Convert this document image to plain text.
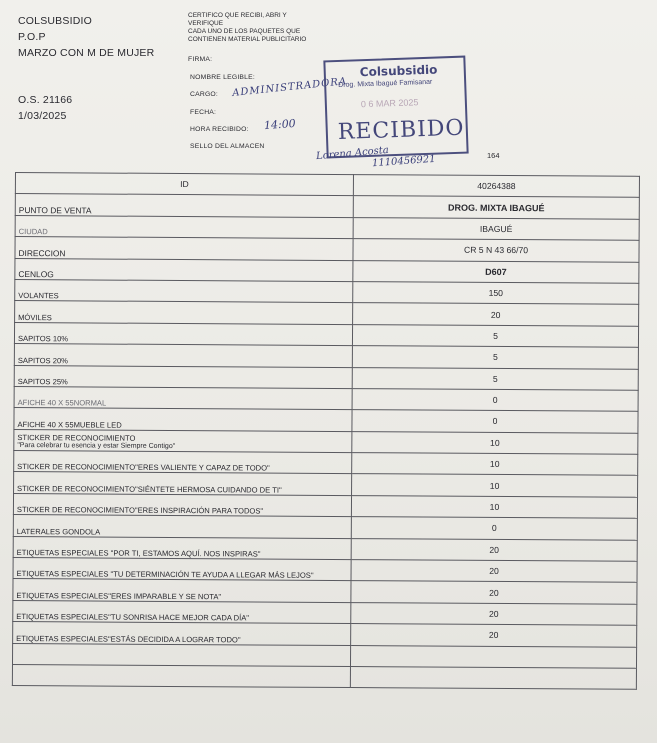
COLSUBSIDIO
P.O.P
MARZO CON M DE MUJER
O.S. 21166
1/03/2025
CERTIFICO QUE RECIBI, ABRI Y
VERIFIQUE
CADA UNO DE LOS PAQUETES QUE
CONTIENEN MATERIAL PUBLICITARIO
FIRMA:
NOMBRE LEGIBLE:
CARGO:
FECHA:
HORA RECIBIDO:
SELLO DEL ALMACEN
ADMINISTRADORA
14:00
Colsubsidio
Drog. Mixta Ibagué Famisanar
0 6 MAR 2025
RECIBIDO
Lorena Acosta
1110456921	164
ID	40264388
PUNTO DE VENTA	DROG. MIXTA IBAGUÉ
CIUDAD	IBAGUÉ
DIRECCION	CR 5 N 43 66/70
CENLOG	D607
VOLANTES	150
MÓVILES	20
SAPITOS 10%	5
SAPITOS 20%	5
SAPITOS 25%	5
AFICHE 40 X 55NORMAL	0
AFICHE 40 X 55MUEBLE LED	0

STICKER DE RECONOCIMIENTO
"Para celebrar tu esencia y estar Siempre Contigo"	10
STICKER DE RECONOCIMIENTO"ERES VALIENTE Y CAPAZ DE TODO"	10
STICKER DE RECONOCIMIENTO"SIÉNTETE HERMOSA CUIDANDO DE TI"	10
STICKER DE RECONOCIMIENTO"ERES INSPIRACIÓN PARA TODOS"	10
LATERALES GONDOLA	0
ETIQUETAS ESPECIALES "POR TI, ESTAMOS AQUÍ. NOS INSPIRAS"	20
ETIQUETAS ESPECIALES "TU DETERMINACIÓN TE AYUDA A LLEGAR MÁS LEJOS"	20
ETIQUETAS ESPECIALES"ERES IMPARABLE Y SE NOTA"	20
ETIQUETAS ESPECIALES"TU SONRISA HACE MEJOR CADA DÍA"	20
ETIQUETAS ESPECIALES"ESTÁS DECIDIDA A LOGRAR TODO"	20
